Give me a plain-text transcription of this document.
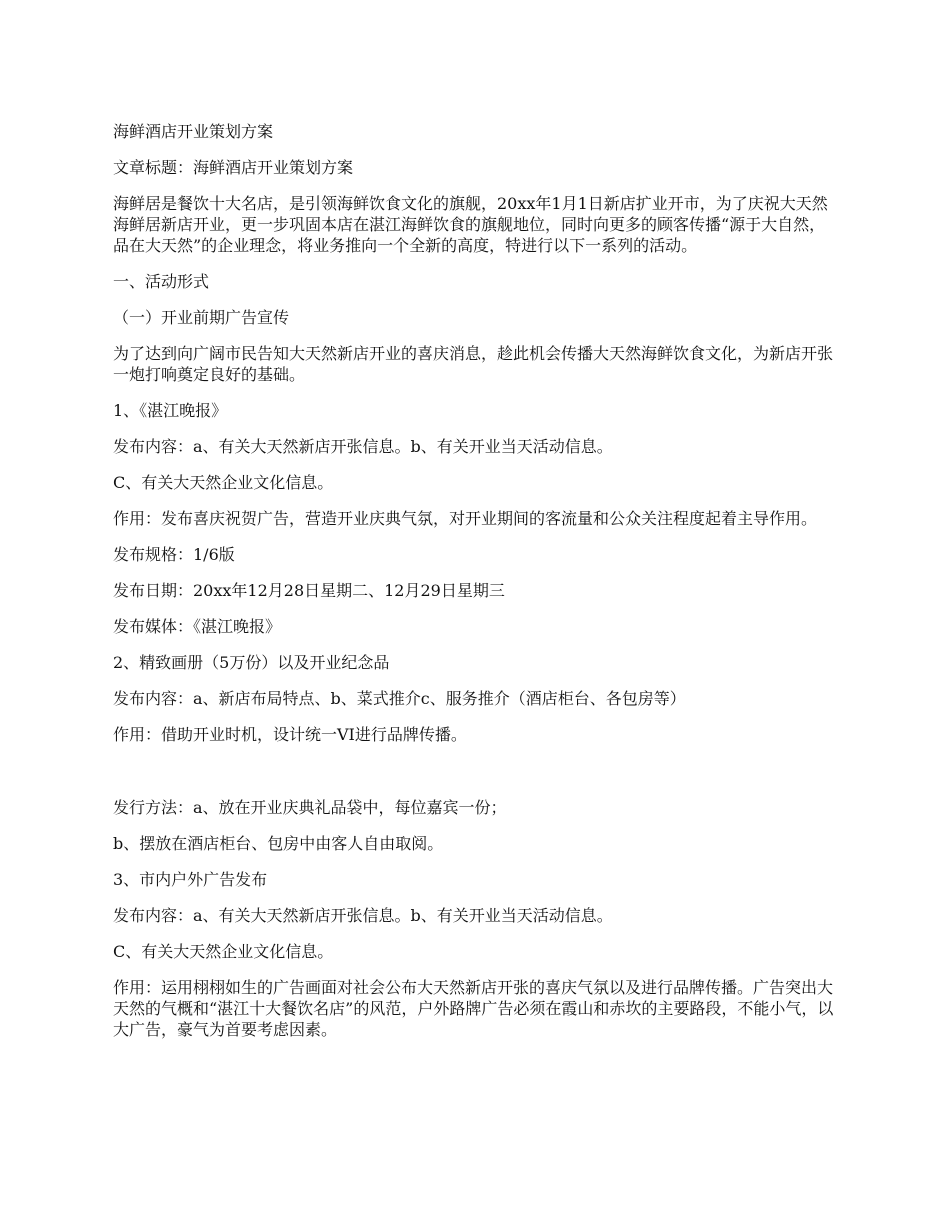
海鲜酒店开业策划方案

文章标题：海鲜酒店开业策划方案

海鲜居是餐饮十大名店，是引领海鲜饮食文化的旗舰，20xx年1月1日新店扩业开市，为了庆祝大天然海鲜居新店开业，更一步巩固本店在湛江海鲜饮食的旗舰地位，同时向更多的顾客传播“源于大自然，品在大天然”的企业理念，将业务推向一个全新的高度，特进行以下一系列的活动。

一、活动形式

（一）开业前期广告宣传

为了达到向广阔市民告知大天然新店开业的喜庆消息，趁此机会传播大天然海鲜饮食文化，为新店开张一炮打响奠定良好的基础。

1、《湛江晚报》

发布内容：a、有关大天然新店开张信息。b、有关开业当天活动信息。

C、有关大天然企业文化信息。

作用：发布喜庆祝贺广告，营造开业庆典气氛，对开业期间的客流量和公众关注程度起着主导作用。

发布规格：1/6版

发布日期：20xx年12月28日星期二、12月29日星期三

发布媒体：《湛江晚报》

2、精致画册（5万份）以及开业纪念品

发布内容：a、新店布局特点、b、菜式推介c、服务推介（酒店柜台、各包房等）

作用：借助开业时机，设计统一VI进行品牌传播。

发行方法：a、放在开业庆典礼品袋中，每位嘉宾一份；

b、摆放在酒店柜台、包房中由客人自由取阅。

3、市内户外广告发布

发布内容：a、有关大天然新店开张信息。b、有关开业当天活动信息。

C、有关大天然企业文化信息。

作用：运用栩栩如生的广告画面对社会公布大天然新店开张的喜庆气氛以及进行品牌传播。广告突出大天然的气概和“湛江十大餐饮名店”的风范，户外路牌广告必须在霞山和赤坎的主要路段，不能小气，以大广告，豪气为首要考虑因素。
